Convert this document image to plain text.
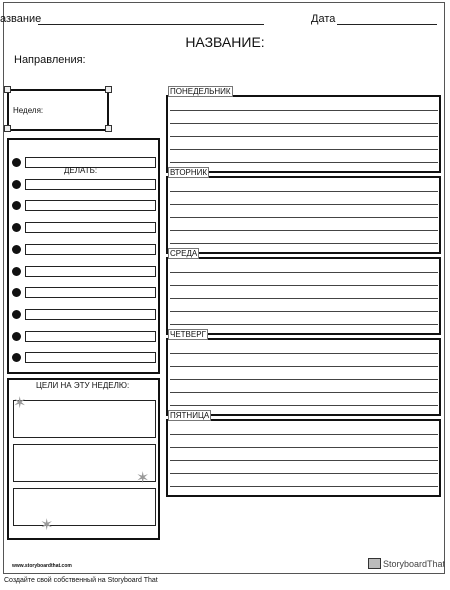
азвание	Дата
НАЗВАНИЕ:
Направления:
Неделя:
ДЕЛАТЬ:
ЦЕЛИ НА ЭТУ НЕДЕЛЮ:
✶
✶
✶
ПОНЕДЕЛЬНИК
ВТОРНИК
СРЕДА
ЧЕТВЕРГ
ПЯТНИЦА
www.storyboardthat.com	StoryboardThat
Создайте свой собственный на Storyboard That
